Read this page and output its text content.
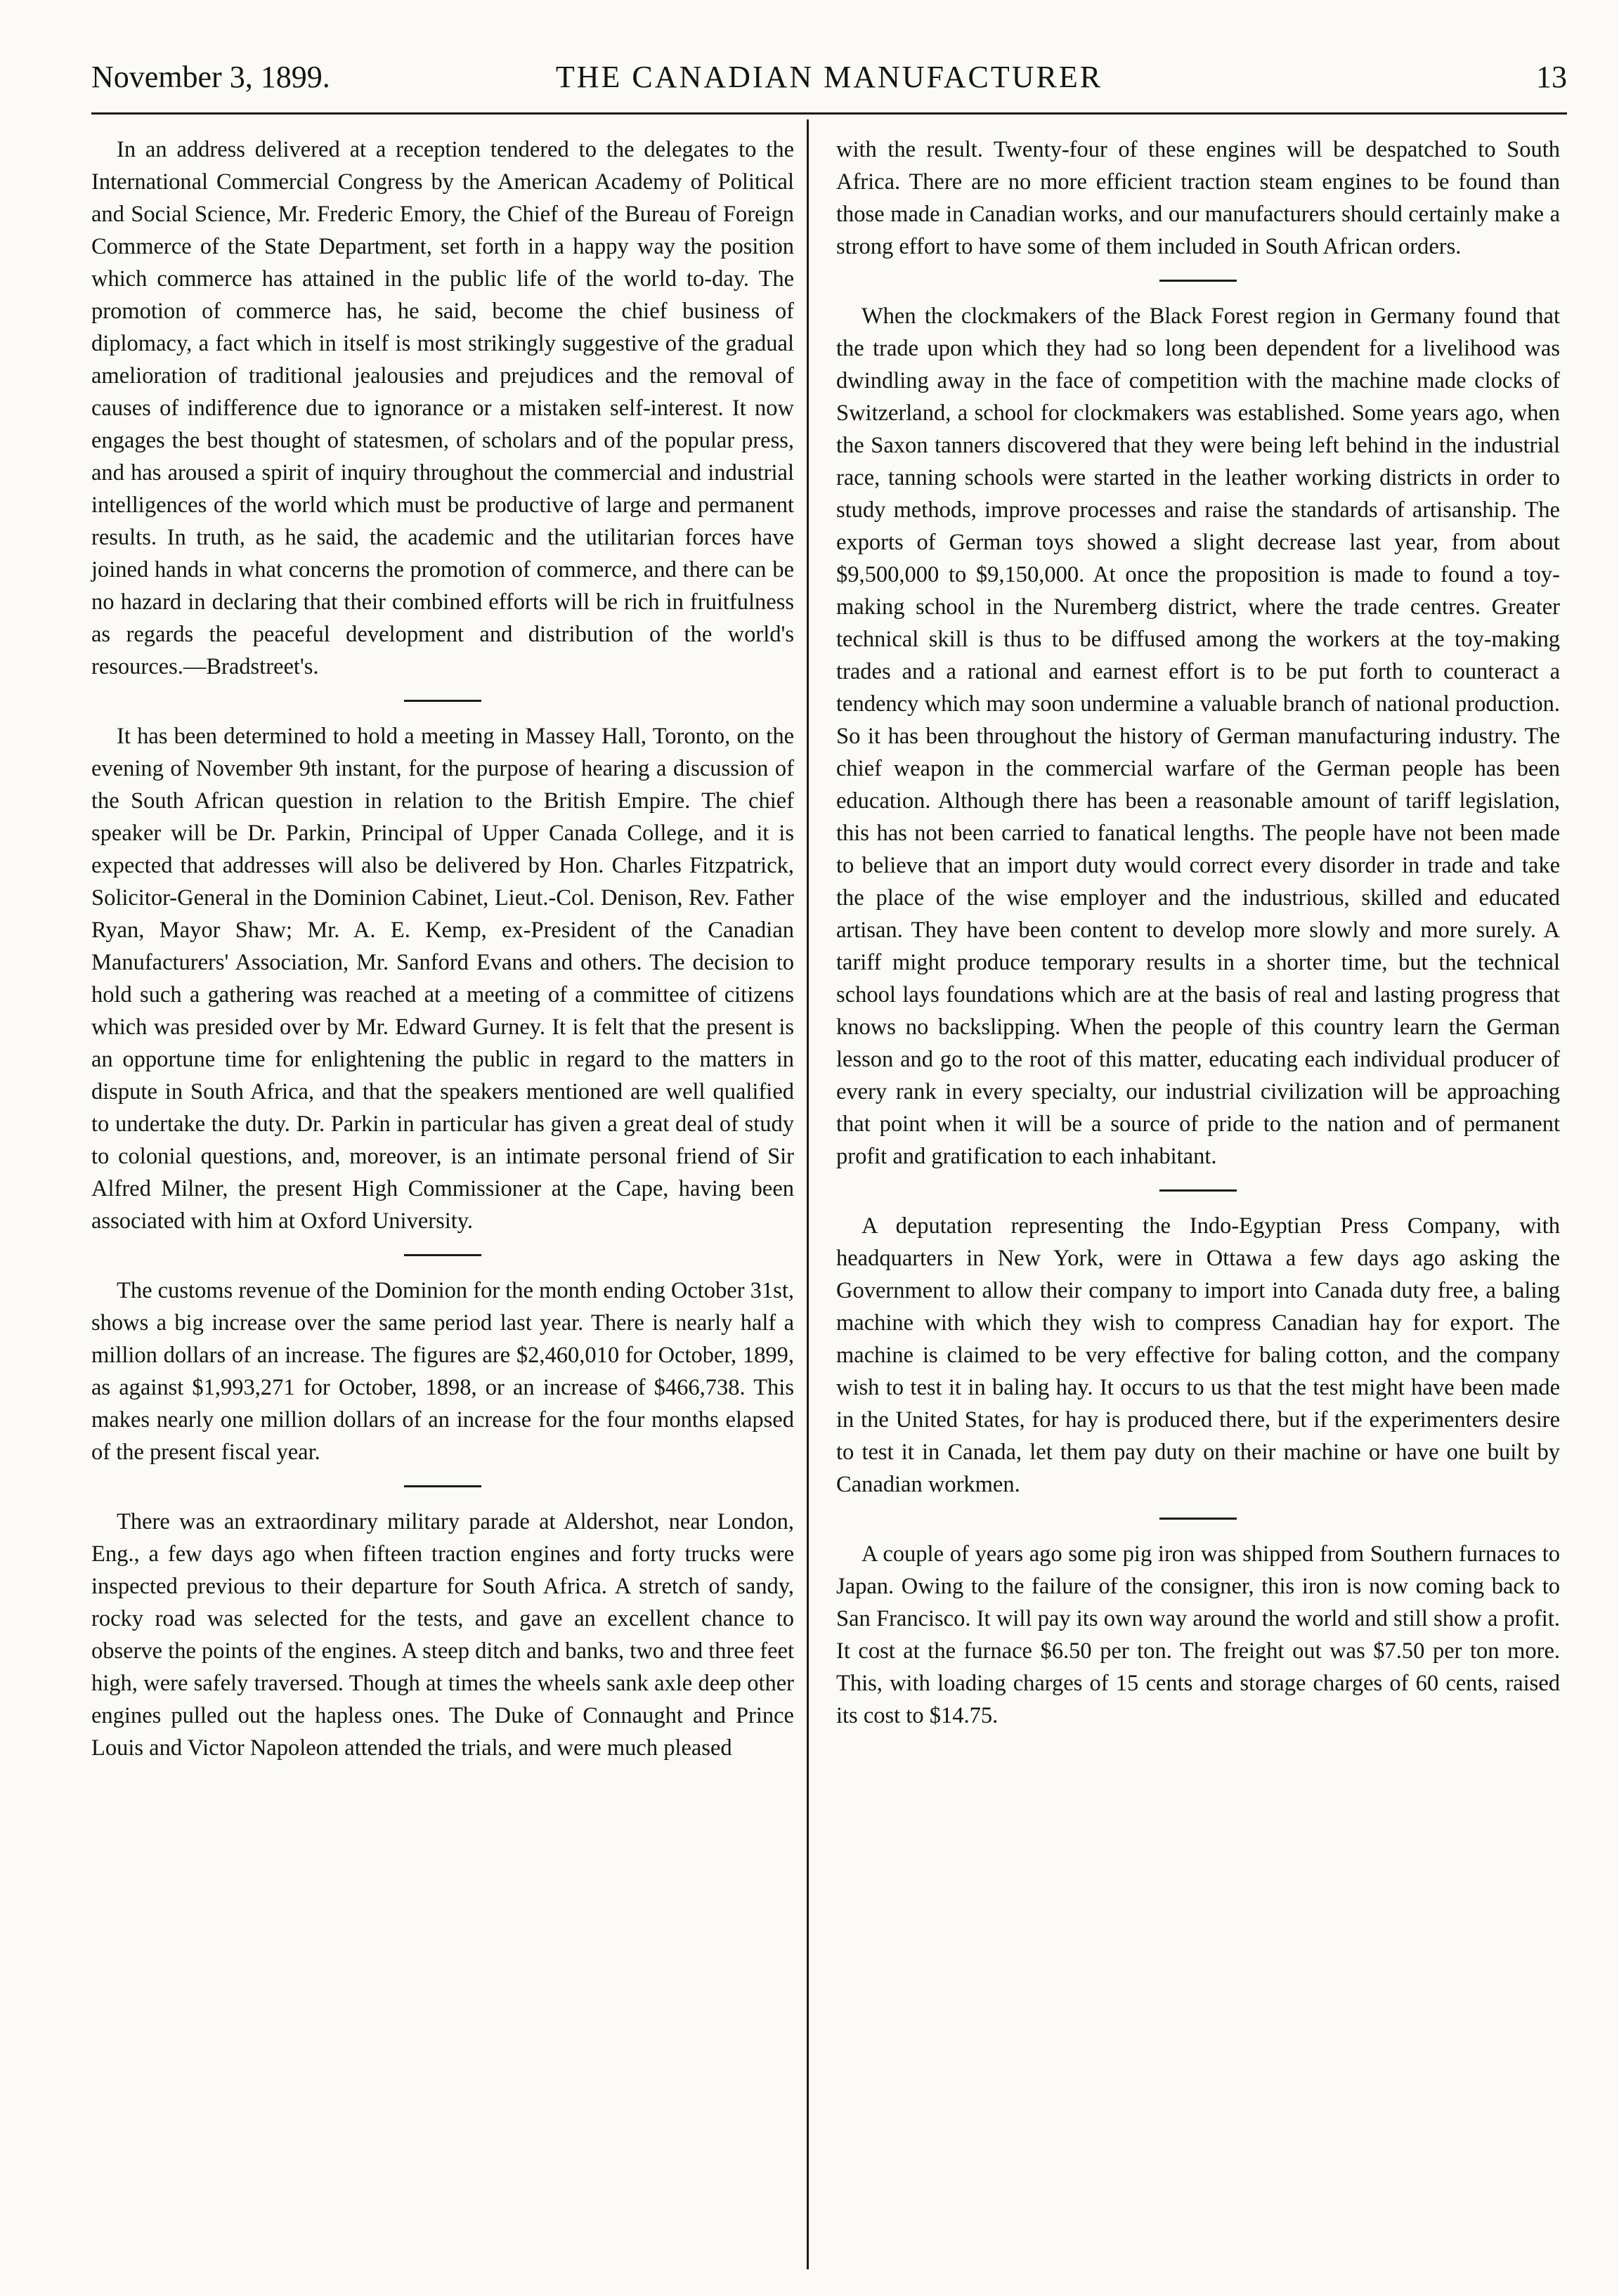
November 3, 1899.	THE CANADIAN MANUFACTURER	13

In an address delivered at a reception tendered to the delegates to the International Commercial Congress by the American Academy of Political and Social Science, Mr. Frederic Emory, the Chief of the Bureau of Foreign Commerce of the State Department, set forth in a happy way the position which commerce has attained in the public life of the world to-day. The promotion of commerce has, he said, become the chief business of diplomacy, a fact which in itself is most strikingly suggestive of the gradual amelioration of traditional jealousies and prejudices and the removal of causes of indifference due to ignorance or a mistaken self-interest. It now engages the best thought of statesmen, of scholars and of the popular press, and has aroused a spirit of inquiry throughout the commercial and industrial intelligences of the world which must be productive of large and permanent results. In truth, as he said, the academic and the utilitarian forces have joined hands in what concerns the promotion of commerce, and there can be no hazard in declaring that their combined efforts will be rich in fruitfulness as regards the peaceful development and distribution of the world's resources.—Bradstreet's.

It has been determined to hold a meeting in Massey Hall, Toronto, on the evening of November 9th instant, for the purpose of hearing a discussion of the South African question in relation to the British Empire. The chief speaker will be Dr. Parkin, Principal of Upper Canada College, and it is expected that addresses will also be delivered by Hon. Charles Fitzpatrick, Solicitor-General in the Dominion Cabinet, Lieut.-Col. Denison, Rev. Father Ryan, Mayor Shaw; Mr. A. E. Kemp, ex-President of the Canadian Manufacturers' Association, Mr. Sanford Evans and others. The decision to hold such a gathering was reached at a meeting of a committee of citizens which was presided over by Mr. Edward Gurney. It is felt that the present is an opportune time for enlightening the public in regard to the matters in dispute in South Africa, and that the speakers mentioned are well qualified to undertake the duty. Dr. Parkin in particular has given a great deal of study to colonial questions, and, moreover, is an intimate personal friend of Sir Alfred Milner, the present High Commissioner at the Cape, having been associated with him at Oxford University.

The customs revenue of the Dominion for the month ending October 31st, shows a big increase over the same period last year. There is nearly half a million dollars of an increase. The figures are $2,460,010 for October, 1899, as against $1,993,271 for October, 1898, or an increase of $466,738. This makes nearly one million dollars of an increase for the four months elapsed of the present fiscal year.

There was an extraordinary military parade at Aldershot, near London, Eng., a few days ago when fifteen traction engines and forty trucks were inspected previous to their departure for South Africa. A stretch of sandy, rocky road was selected for the tests, and gave an excellent chance to observe the points of the engines. A steep ditch and banks, two and three feet high, were safely traversed. Though at times the wheels sank axle deep other engines pulled out the hapless ones. The Duke of Connaught and Prince Louis and Victor Napoleon attended the trials, and were much pleased

with the result. Twenty-four of these engines will be despatched to South Africa. There are no more efficient traction steam engines to be found than those made in Canadian works, and our manufacturers should certainly make a strong effort to have some of them included in South African orders.

When the clockmakers of the Black Forest region in Germany found that the trade upon which they had so long been dependent for a livelihood was dwindling away in the face of competition with the machine made clocks of Switzerland, a school for clockmakers was established. Some years ago, when the Saxon tanners discovered that they were being left behind in the industrial race, tanning schools were started in the leather working districts in order to study methods, improve processes and raise the standards of artisanship. The exports of German toys showed a slight decrease last year, from about $9,500,000 to $9,150,000. At once the proposition is made to found a toy-making school in the Nuremberg district, where the trade centres. Greater technical skill is thus to be diffused among the workers at the toy-making trades and a rational and earnest effort is to be put forth to counteract a tendency which may soon undermine a valuable branch of national production. So it has been throughout the history of German manufacturing industry. The chief weapon in the commercial warfare of the German people has been education. Although there has been a reasonable amount of tariff legislation, this has not been carried to fanatical lengths. The people have not been made to believe that an import duty would correct every disorder in trade and take the place of the wise employer and the industrious, skilled and educated artisan. They have been content to develop more slowly and more surely. A tariff might produce temporary results in a shorter time, but the technical school lays foundations which are at the basis of real and lasting progress that knows no backslipping. When the people of this country learn the German lesson and go to the root of this matter, educating each individual producer of every rank in every specialty, our industrial civilization will be approaching that point when it will be a source of pride to the nation and of permanent profit and gratification to each inhabitant.

A deputation representing the Indo-Egyptian Press Company, with headquarters in New York, were in Ottawa a few days ago asking the Government to allow their company to import into Canada duty free, a baling machine with which they wish to compress Canadian hay for export. The machine is claimed to be very effective for baling cotton, and the company wish to test it in baling hay. It occurs to us that the test might have been made in the United States, for hay is produced there, but if the experimenters desire to test it in Canada, let them pay duty on their machine or have one built by Canadian workmen.

A couple of years ago some pig iron was shipped from Southern furnaces to Japan. Owing to the failure of the consigner, this iron is now coming back to San Francisco. It will pay its own way around the world and still show a profit. It cost at the furnace $6.50 per ton. The freight out was $7.50 per ton more. This, with loading charges of 15 cents and storage charges of 60 cents, raised its cost to $14.75.
